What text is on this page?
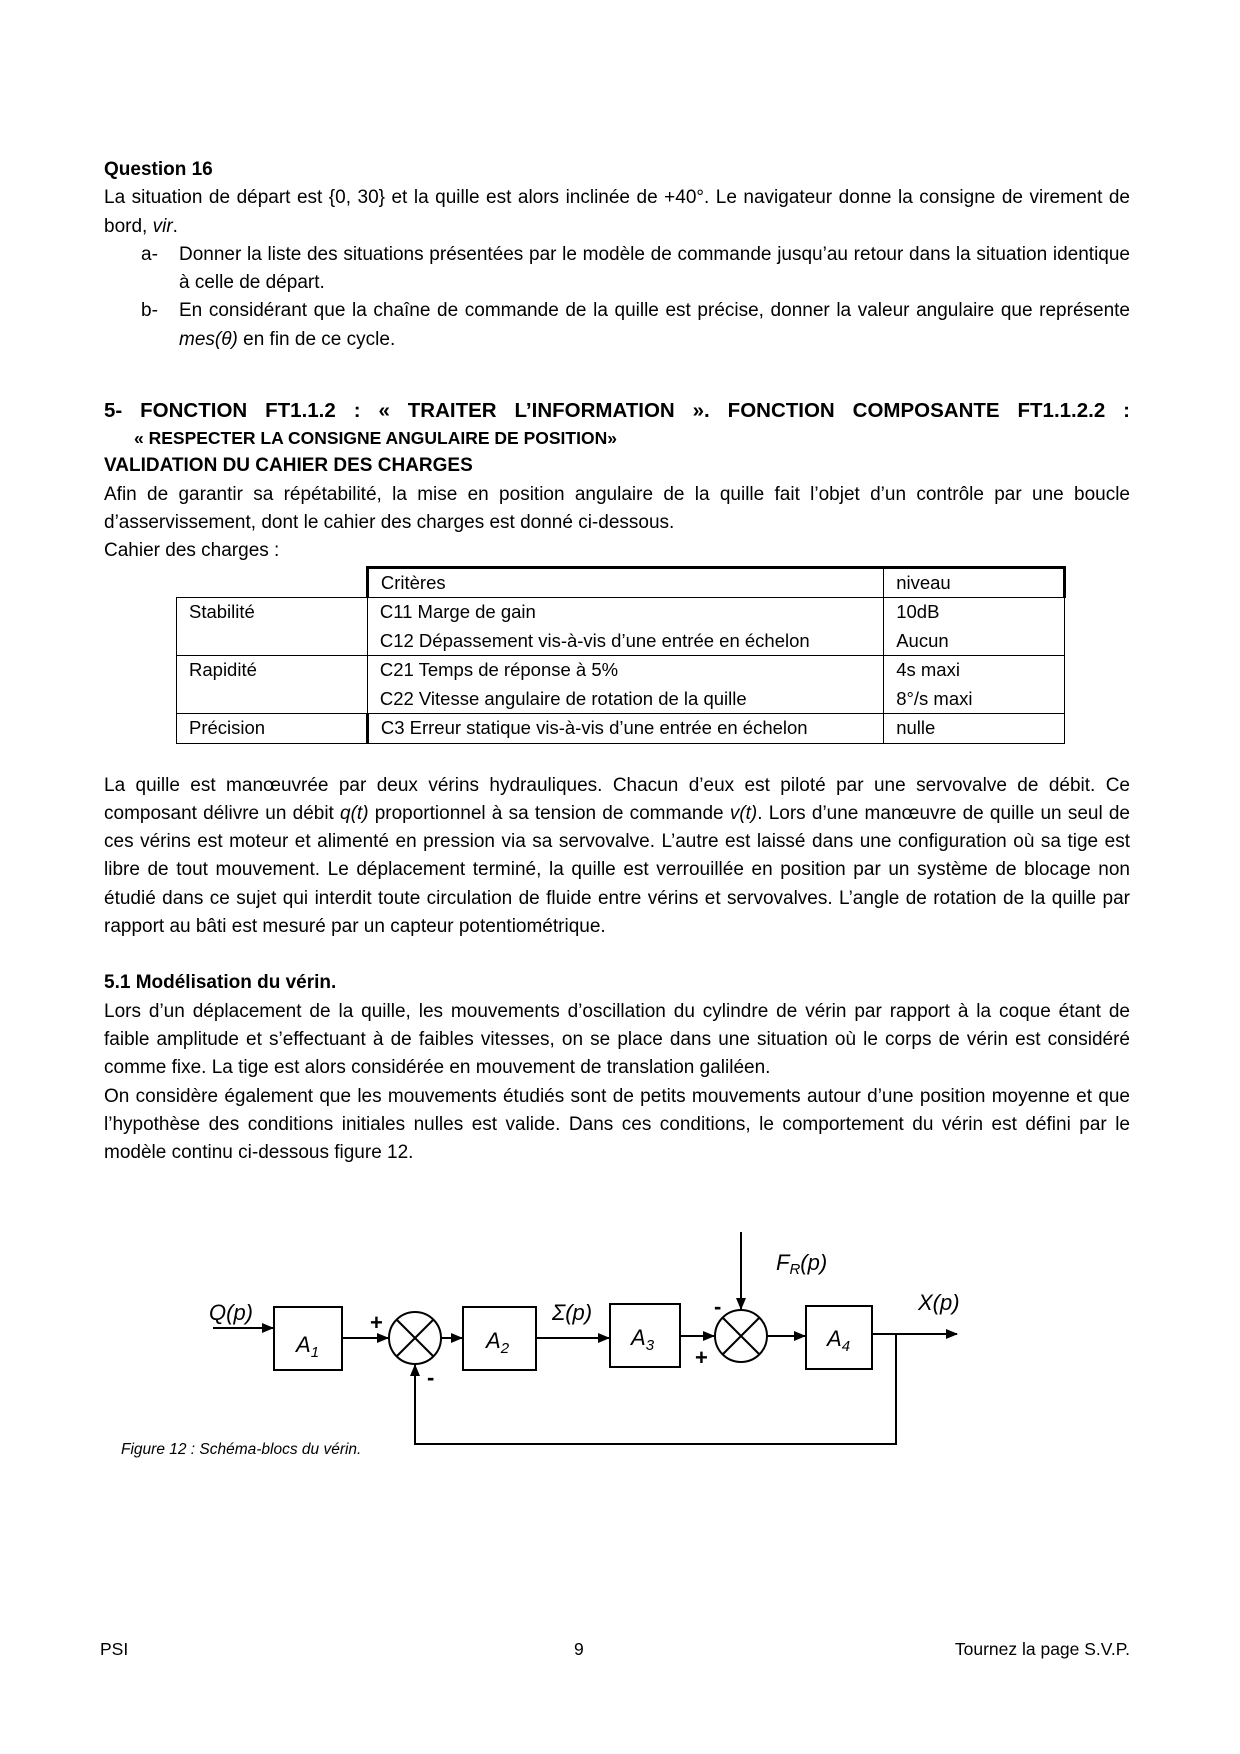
Question 16

La situation de départ est {0, 30} et la quille est alors inclinée de +40°. Le navigateur donne la consigne de virement de bord, vir.

a- Donner la liste des situations présentées par le modèle de commande jusqu’au retour dans la situation identique à celle de départ.
b- En considérant que la chaîne de commande de la quille est précise, donner la valeur angulaire que représente mes(θ) en fin de ce cycle.

5- FONCTION FT1.1.2 : « TRAITER L’INFORMATION ». FONCTION COMPOSANTE FT1.1.2.2 :

« RESPECTER LA CONSIGNE ANGULAIRE DE POSITION»

VALIDATION DU CAHIER DES CHARGES

Afin de garantir sa répétabilité, la mise en position angulaire de la quille fait l’objet d’un contrôle par une boucle d’asservissement, dont le cahier des charges est donné ci-dessous.

Cahier des charges :

	Critères	niveau
Stabilité	C11 Marge de gain	10dB
	C12 Dépassement vis-à-vis d’une entrée en échelon	Aucun
Rapidité	C21 Temps de réponse à 5%	4s maxi
	C22 Vitesse angulaire de rotation de la quille	8°/s maxi
Précision	C3 Erreur statique vis-à-vis d’une entrée en échelon	nulle

La quille est manœuvrée par deux vérins hydrauliques. Chacun d’eux est piloté par une servovalve de débit. Ce composant délivre un débit q(t) proportionnel à sa tension de commande v(t). Lors d’une manœuvre de quille un seul de ces vérins est moteur et alimenté en pression via sa servovalve. L’autre est laissé dans une configuration où sa tige est libre de tout mouvement. Le déplacement terminé, la quille est verrouillée en position par un système de blocage non étudié dans ce sujet qui interdit toute circulation de fluide entre vérins et servovalves. L’angle de rotation de la quille par rapport au bâti est mesuré par un capteur potentiométrique.

5.1 Modélisation du vérin.

Lors d’un déplacement de la quille, les mouvements d’oscillation du cylindre de vérin par rapport à la coque étant de faible amplitude et s’effectuant à de faibles vitesses, on se place dans une situation où le corps de vérin est considéré comme fixe. La tige est alors considérée en mouvement de translation galiléen.

On considère également que les mouvements étudiés sont de petits mouvements autour d’une position moyenne et que l’hypothèse des conditions initiales nulles est valide. Dans ces conditions, le comportement du vérin est défini par le modèle continu ci-dessous figure 12.

Q(p)	X(p)
Σ(p)
FR(p)
$A_1$	$A_2$	$A_3$	$A_4$
+
-
-
+
Figure 12 : Schéma-blocs du vérin.
PSI	9	Tournez la page S.V.P.
